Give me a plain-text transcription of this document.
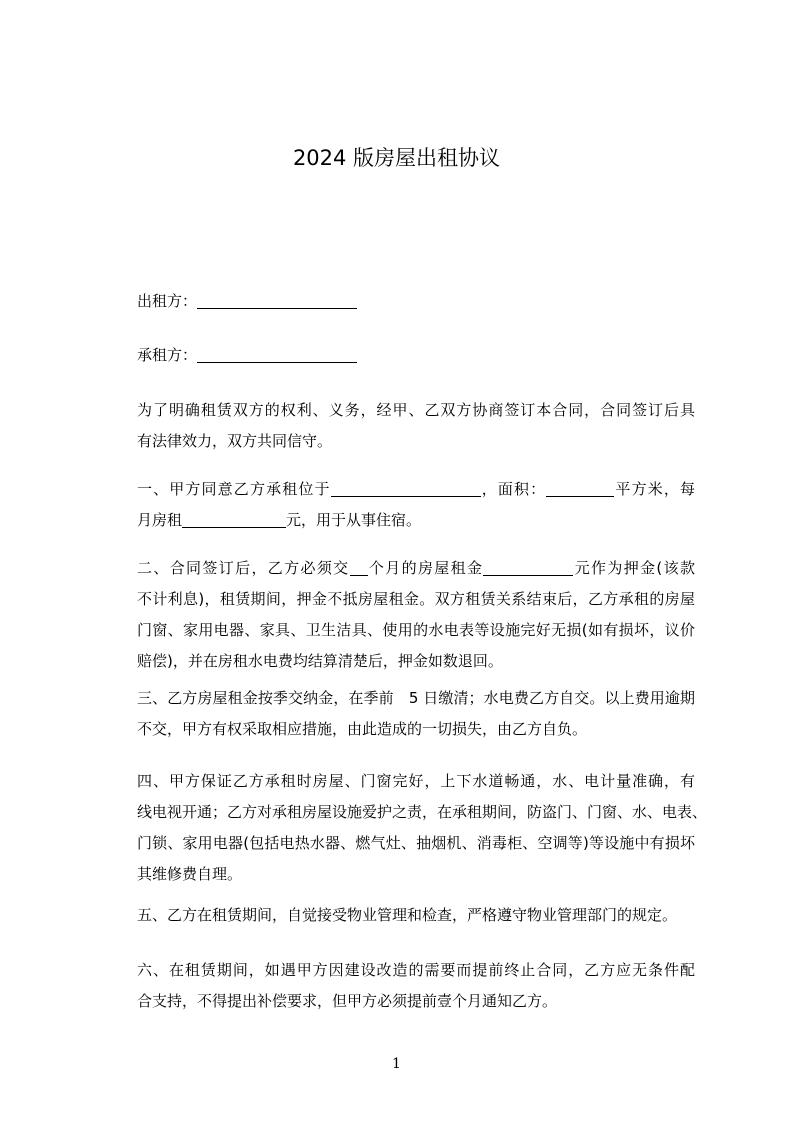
2024 版房屋出租协议
出租方：
承租方：
为了明确租赁双方的权利、义务，经甲、乙双方协商签订本合同，合同签订后具
有法律效力，双方共同信守。
一、甲方同意乙方承租位于	，面积：	平方米，每
月房租	元，用于从事住宿。
二、合同签订后，乙方必须交 个月的房屋租金	元作为押金(该款
不计利息)，租赁期间，押金不抵房屋租金。双方租赁关系结束后，乙方承租的房屋
门窗、家用电器、家具、卫生洁具、使用的水电表等设施完好无损(如有损坏，议价
赔偿)，并在房租水电费均结算清楚后，押金如数退回。
三、乙方房屋租金按季交纳金，在季前　5 日缴清；水电费乙方自交。以上费用逾期
不交，甲方有权采取相应措施，由此造成的一切损失，由乙方自负。
四、甲方保证乙方承租时房屋、门窗完好，上下水道畅通，水、电计量准确，有
线电视开通；乙方对承租房屋设施爱护之责，在承租期间，防盗门、门窗、水、电表、
门锁、家用电器(包括电热水器、燃气灶、抽烟机、消毒柜、空调等)等设施中有损坏
其维修费自理。
五、乙方在租赁期间，自觉接受物业管理和检查，严格遵守物业管理部门的规定。
六、在租赁期间，如遇甲方因建设改造的需要而提前终止合同，乙方应无条件配
合支持，不得提出补偿要求，但甲方必须提前壹个月通知乙方。
1
